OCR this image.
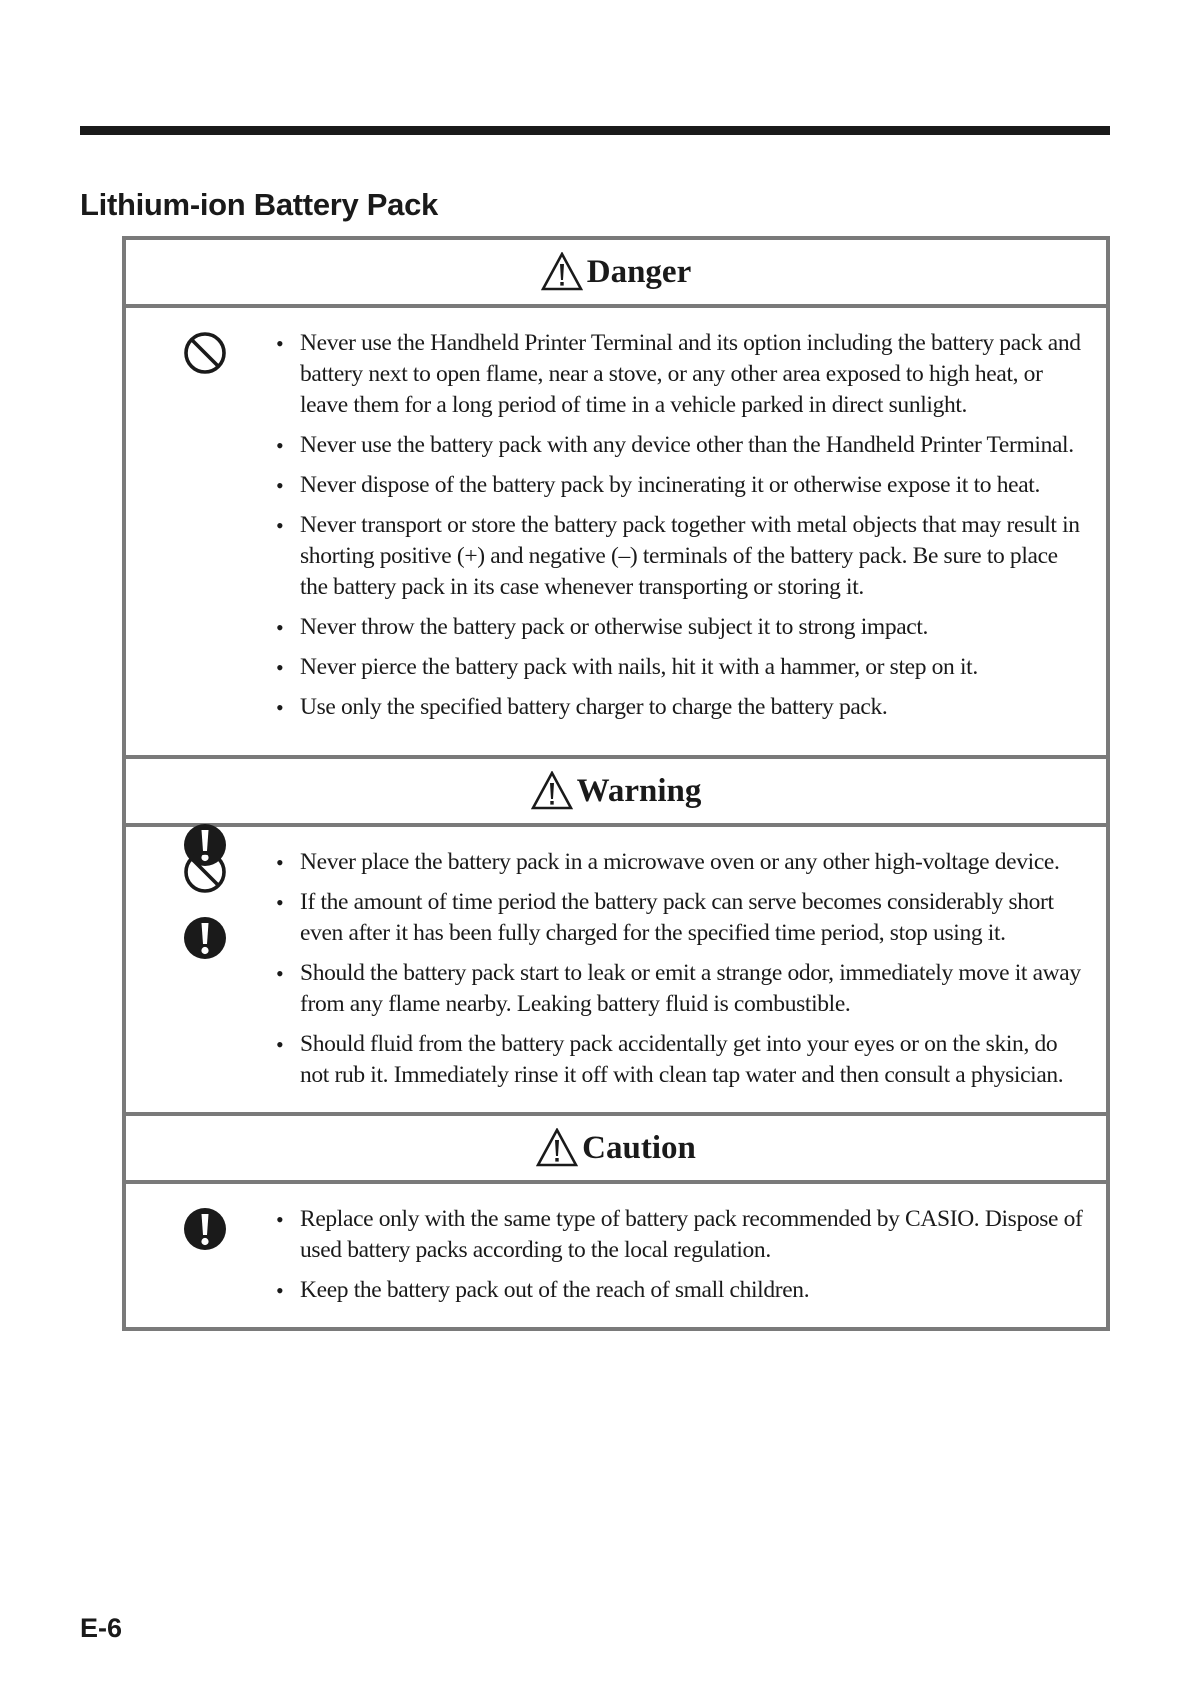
Lithium-ion Battery Pack
Danger
• Never use the Handheld Printer Terminal and its option including the battery pack and battery next to open flame, near a stove, or any other area exposed to high heat, or leave them for a long period of time in a vehicle parked in direct sunlight.
• Never use the battery pack with any device other than the Handheld Printer Terminal.
• Never dispose of the battery pack by incinerating it or otherwise expose it to heat.
• Never transport or store the battery pack together with metal objects that may result in shorting positive (+) and negative (–) terminals of the battery pack. Be sure to place the battery pack in its case whenever transporting or storing it.
• Never throw the battery pack or otherwise subject it to strong impact.
• Never pierce the battery pack with nails, hit it with a hammer, or step on it.
• Use only the specified battery charger to charge the battery pack.
Warning
• Never place the battery pack in a microwave oven or any other high-voltage device.
• If the amount of time period the battery pack can serve becomes considerably short even after it has been fully charged for the specified time period, stop using it.
• Should the battery pack start to leak or emit a strange odor, immediately move it away from any flame nearby. Leaking battery fluid is combustible.
• Should fluid from the battery pack accidentally get into your eyes or on the skin, do not rub it. Immediately rinse it off with clean tap water and then consult a physician.
Caution
• Replace only with the same type of battery pack recommended by CASIO. Dispose of used battery packs according to the local regulation.
• Keep the battery pack out of the reach of small children.

E-6
